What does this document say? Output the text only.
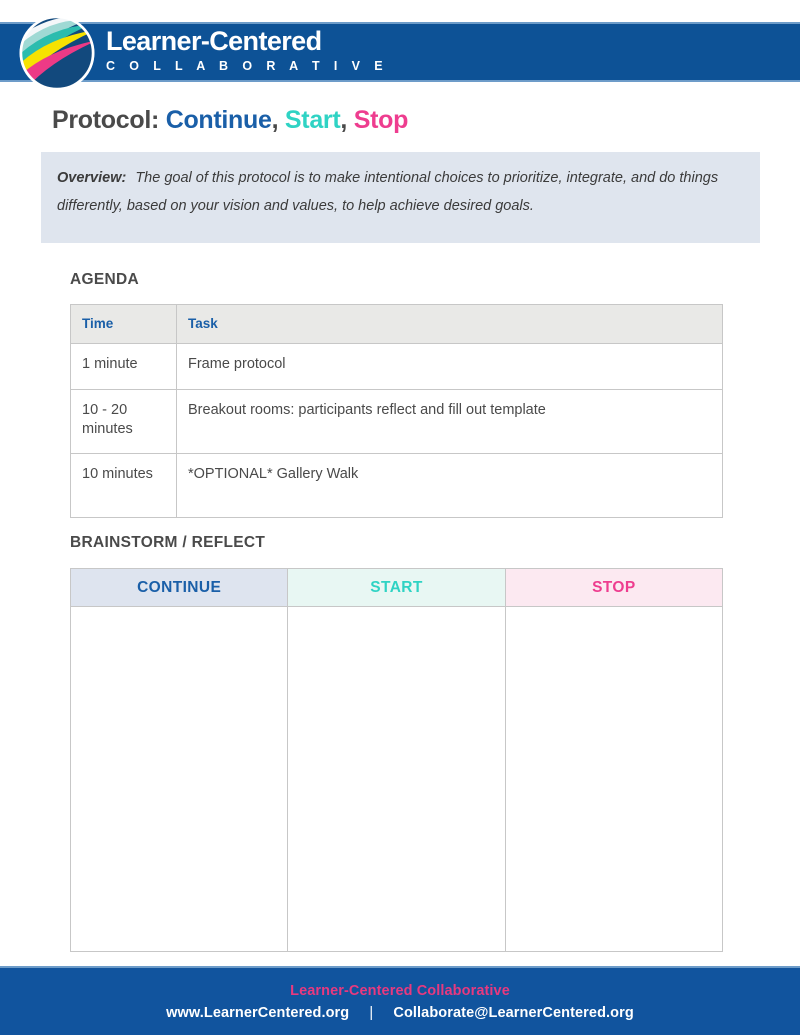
Learner-Centered
C O L L A B O R A T I V E
Protocol: Continue, Start, Stop
Overview: The goal of this protocol is to make intentional choices to prioritize, integrate, and do things differently, based on your vision and values, to help achieve desired goals.
AGENDA
Time	Task
1 minute	Frame protocol
10 - 20 minutes	Breakout rooms: participants reflect and fill out template
10 minutes	*OPTIONAL* Gallery Walk
BRAINSTORM / REFLECT
CONTINUE	START	STOP

Learner-Centered Collaborative
www.LearnerCentered.org | Collaborate@LearnerCentered.org
